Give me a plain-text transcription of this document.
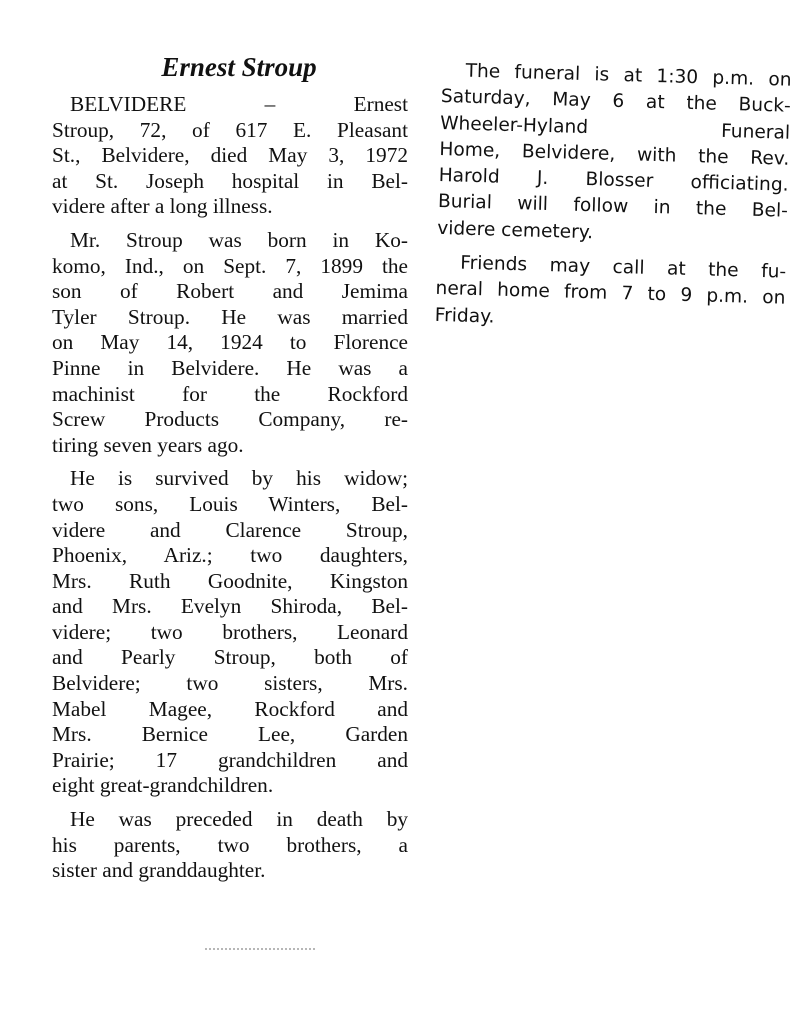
Ernest Stroup
BELVIDERE – Ernest
Stroup, 72, of 617 E. Pleasant
St., Belvidere, died May 3, 1972
at St. Joseph hospital in Bel-
videre after a long illness.
Mr. Stroup was born in Ko-
komo, Ind., on Sept. 7, 1899 the
son of Robert and Jemima
Tyler Stroup. He was married
on May 14, 1924 to Florence
Pinne in Belvidere. He was a
machinist for the Rockford
Screw Products Company, re-
tiring seven years ago.
He is survived by his widow;
two sons, Louis Winters, Bel-
videre and Clarence Stroup,
Phoenix, Ariz.; two daughters,
Mrs. Ruth Goodnite, Kingston
and Mrs. Evelyn Shiroda, Bel-
videre; two brothers, Leonard
and Pearly Stroup, both of
Belvidere; two sisters, Mrs.
Mabel Magee, Rockford and
Mrs. Bernice Lee, Garden
Prairie; 17 grandchildren and
eight great-grandchildren.
He was preceded in death by
his parents, two brothers, a
sister and granddaughter.
The funeral is at 1:30 p.m. on
Saturday, May 6 at the Buck-
Wheeler-Hyland Funeral
Home, Belvidere, with the Rev.
Harold J. Blosser officiating.
Burial will follow in the Bel-
videre cemetery.
Friends may call at the fu-
neral home from 7 to 9 p.m. on
Friday.
